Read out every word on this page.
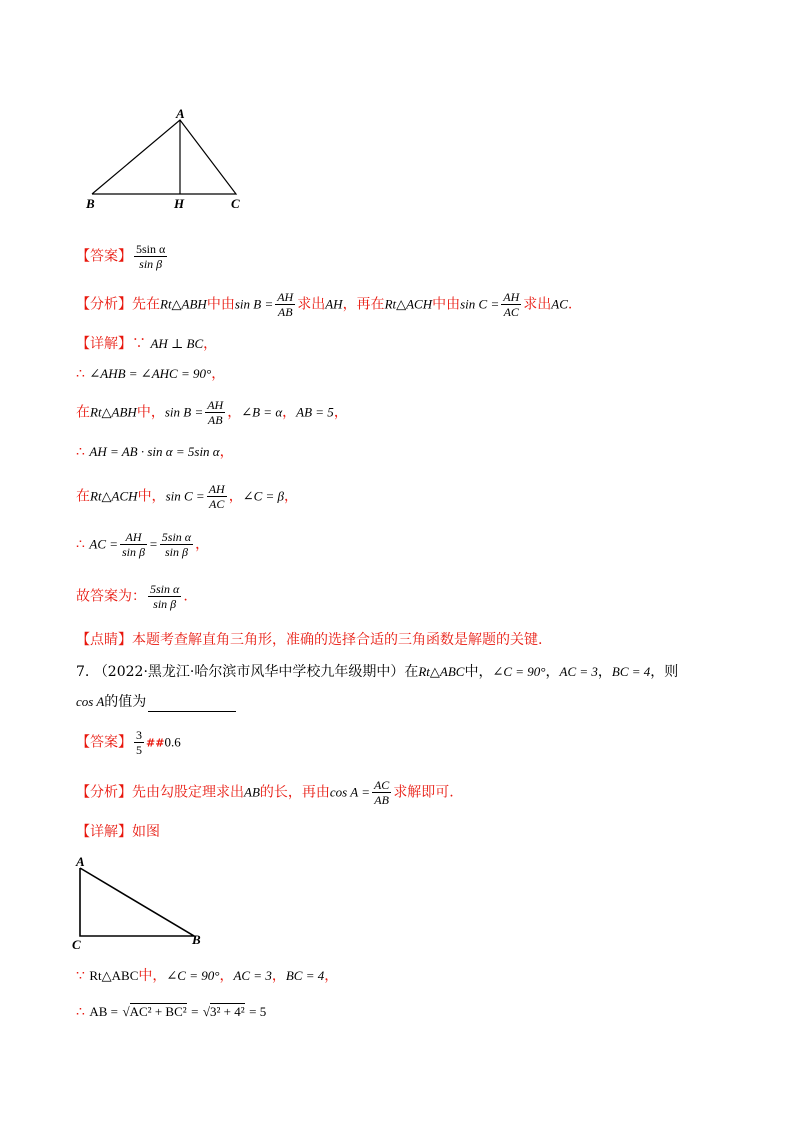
A
B	H	C
【答案】 $\frac{\text{5sin α}}{\text{sin β}}$
【分析】先在Rt△ABH中由$\sin B = \frac{AH}{AB}$ 求出AH，再在Rt△ACH中由$\sin C = \frac{AH}{AC}$ 求出AC.
【详解】∵ AH ⊥ BC，
∴ ∠AHB = ∠AHC = 90°，
在Rt△ABH中，$\sin B = \frac{AH}{AB}$ ，∠B = α，AB = 5，
∴ AH = AB · sin α = 5sin α，
在Rt△ACH中，$\sin C = \frac{AH}{AC}$ ，∠C = β，
∴ AC = $\frac{AH}{\text{sin β}} = \frac{\text{5sin α}}{\text{sin β}}$ ，
故答案为： $\frac{\text{5sin α}}{\text{sin β}}$ .
【点睛】本题考查解直角三角形，准确的选择合适的三角函数是解题的关键.
7. （2022·黑龙江·哈尔滨市风华中学校九年级期中）在Rt△ABC中，∠C = 90°，AC = 3，BC = 4，则
cos A的值为
【答案】 $\frac{3}{5}$ ##0.6
【分析】先由勾股定理求出AB的长，再由$\cos A = \frac{AC}{AB}$ 求解即可.
【详解】如图
A
C	B
∵ Rt△ABC中，∠C = 90°，AC = 3，BC = 4，
∴ AB = √AC² + BC² = √3² + 4² = 5
